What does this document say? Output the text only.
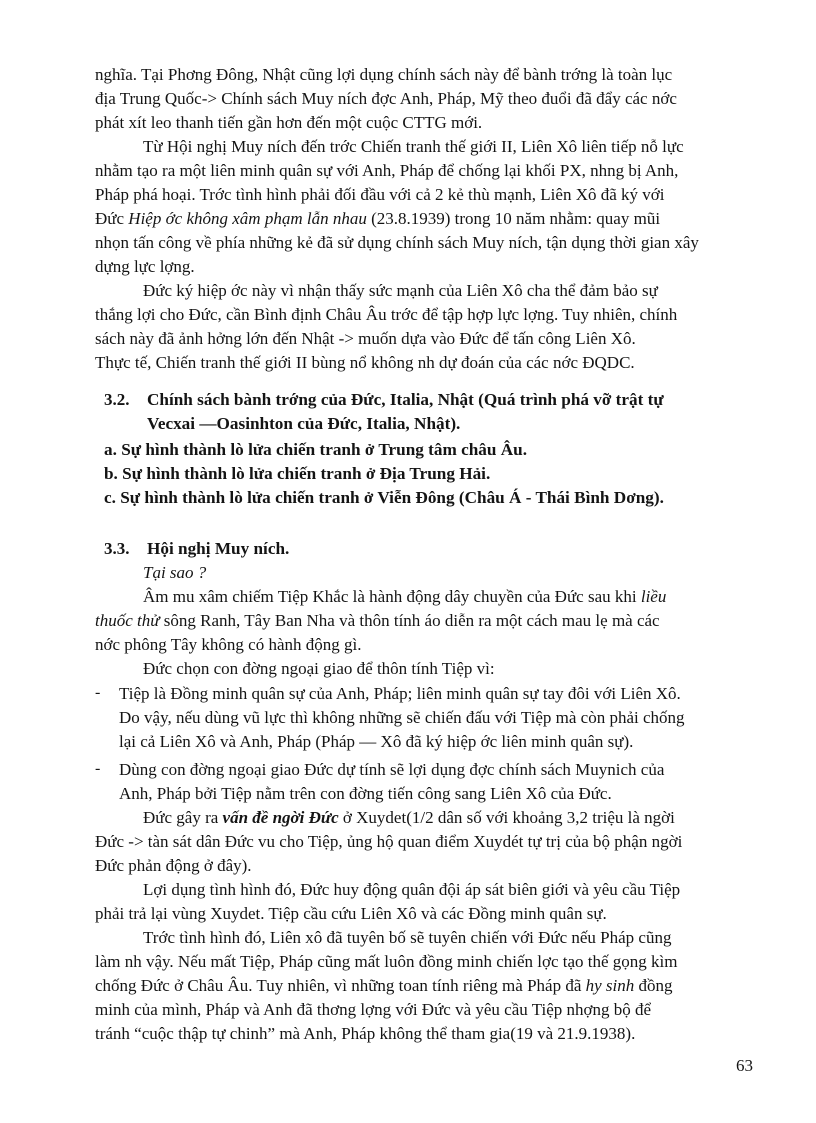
nghĩa. Tại Phơng Đông, Nhật cũng lợi dụng chính sách này để bành trớng là toàn lục
địa Trung Quốc-> Chính sách Muy ních đợc Anh, Pháp, Mỹ theo đuổi đã đẩy các nớc
phát xít leo thanh tiến gần hơn đến một cuộc CTTG mới.
Từ Hội nghị Muy ních đến trớc Chiến tranh thế giới II, Liên Xô liên tiếp nỗ lực
nhằm tạo ra một liên minh quân sự với Anh, Pháp để chống lại khối PX, nhng bị Anh,
Pháp phá hoại. Trớc tình hình phải đối đầu với cả 2 kẻ thù mạnh, Liên Xô đã ký với
Đức Hiệp ớc không xâm phạm lẫn nhau (23.8.1939) trong 10 năm nhằm: quay mũi
nhọn tấn công về phía những kẻ đã sử dụng chính sách Muy ních, tận dụng thời gian xây
dựng lực lợng.
Đức ký hiệp ớc này vì nhận thấy sức mạnh của Liên Xô cha thể đảm bảo sự
thắng lợi cho Đức, cần Bình định Châu Âu trớc để tập hợp lực lợng. Tuy nhiên, chính
sách này đã ảnh hởng lớn đến Nhật -> muốn dựa vào Đức để tấn công Liên Xô.
Thực tế, Chiến tranh thế giới II bùng nổ không nh dự đoán của các nớc ĐQDC.
3.2. Chính sách bành trớng của Đức, Italia, Nhật (Quá trình phá vỡ trật tự
Vecxai —Oasinhton của Đức, Italia, Nhật).
a. Sự hình thành lò lửa chiến tranh ở Trung tâm châu Âu.
b. Sự hình thành lò lửa chiến tranh ở Địa Trung Hải.
c. Sự hình thành lò lửa chiến tranh ở Viễn Đông (Châu Á - Thái Bình Dơng).
3.3. Hội nghị Muy ních.
Tại sao ?
Âm mu xâm chiếm Tiệp Khắc là hành động dây chuyền của Đức sau khi liều
thuốc thử sông Ranh, Tây Ban Nha và thôn tính áo diễn ra một cách mau lẹ mà các
nớc phông Tây không có hành động gì.
Đức chọn con đờng ngoại giao để thôn tính Tiệp vì:
- Tiệp là Đồng minh quân sự của Anh, Pháp; liên minh quân sự tay đôi với Liên Xô.
Do vậy, nếu dùng vũ lực thì không những sẽ chiến đấu với Tiệp mà còn phải chống
lại cả Liên Xô và Anh, Pháp (Pháp — Xô đã ký hiệp ớc liên minh quân sự).
- Dùng con đờng ngoại giao Đức dự tính sẽ lợi dụng đợc chính sách Muynich của
Anh, Pháp bởi Tiệp nằm trên con đờng tiến công sang Liên Xô của Đức.
Đức gây ra vấn đề ngời Đức ở Xuydet(1/2 dân số với khoảng 3,2 triệu là ngời
Đức -> tàn sát dân Đức vu cho Tiệp, ủng hộ quan điểm Xuydét tự trị của bộ phận ngời
Đức phản động ở đây).
Lợi dụng tình hình đó, Đức huy động quân đội áp sát biên giới và yêu cầu Tiệp
phải trả lại vùng Xuydet. Tiệp cầu cứu Liên Xô và các Đồng minh quân sự.
Trớc tình hình đó, Liên xô đã tuyên bố sẽ tuyên chiến với Đức nếu Pháp cũng
làm nh vậy. Nếu mất Tiệp, Pháp cũng mất luôn đồng minh chiến lợc tạo thế gọng kìm
chống Đức ở Châu Âu. Tuy nhiên, vì những toan tính riêng mà Pháp đã hy sinh đồng
minh của mình, Pháp và Anh đã thơng lợng với Đức và yêu cầu Tiệp nhợng bộ để
tránh “cuộc thập tự chinh” mà Anh, Pháp không thể tham gia(19 và 21.9.1938).
63
